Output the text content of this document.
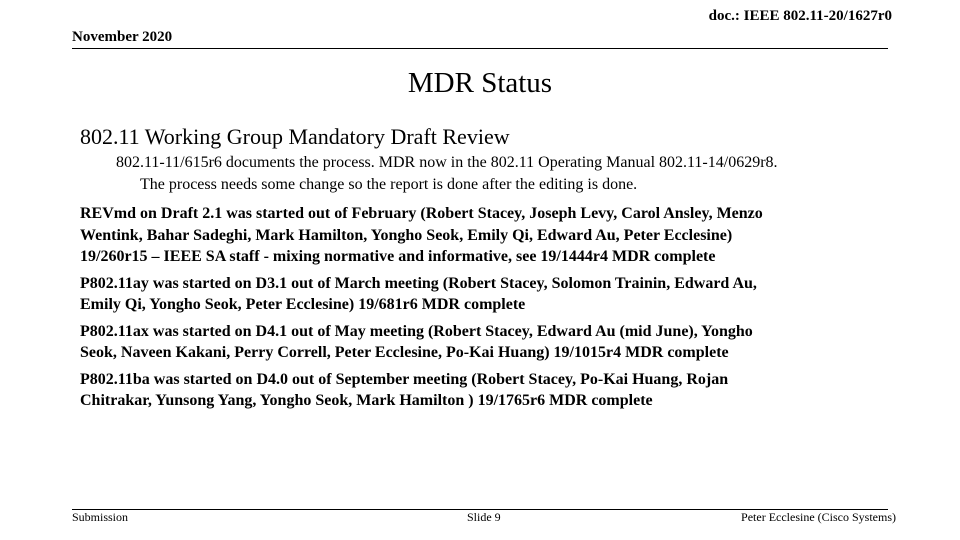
doc.: IEEE 802.11-20/1627r0

November 2020

MDR Status

802.11 Working Group Mandatory Draft Review

802.11-11/615r6 documents the process. MDR now in the 802.11 Operating Manual 802.11-14/0629r8.
The process needs some change so the report is done after the editing is done.

REVmd on Draft 2.1 was started out of February (Robert Stacey, Joseph Levy, Carol Ansley, Menzo
Wentink, Bahar Sadeghi, Mark Hamilton, Yongho Seok, Emily Qi, Edward Au, Peter Ecclesine)
19/260r15 – IEEE SA staff - mixing normative and informative, see 19/1444r4 MDR complete

P802.11ay was started on D3.1 out of March meeting (Robert Stacey, Solomon Trainin, Edward Au,
Emily Qi, Yongho Seok, Peter Ecclesine) 19/681r6 MDR complete

P802.11ax was started on D4.1 out of May meeting (Robert Stacey, Edward Au (mid June), Yongho
Seok, Naveen Kakani, Perry Correll, Peter Ecclesine, Po-Kai Huang) 19/1015r4 MDR complete

P802.11ba was started on D4.0 out of September meeting (Robert Stacey, Po-Kai Huang, Rojan
Chitrakar, Yunsong Yang, Yongho Seok, Mark Hamilton ) 19/1765r6 MDR complete

Submission	Slide 9	Peter Ecclesine (Cisco Systems)
